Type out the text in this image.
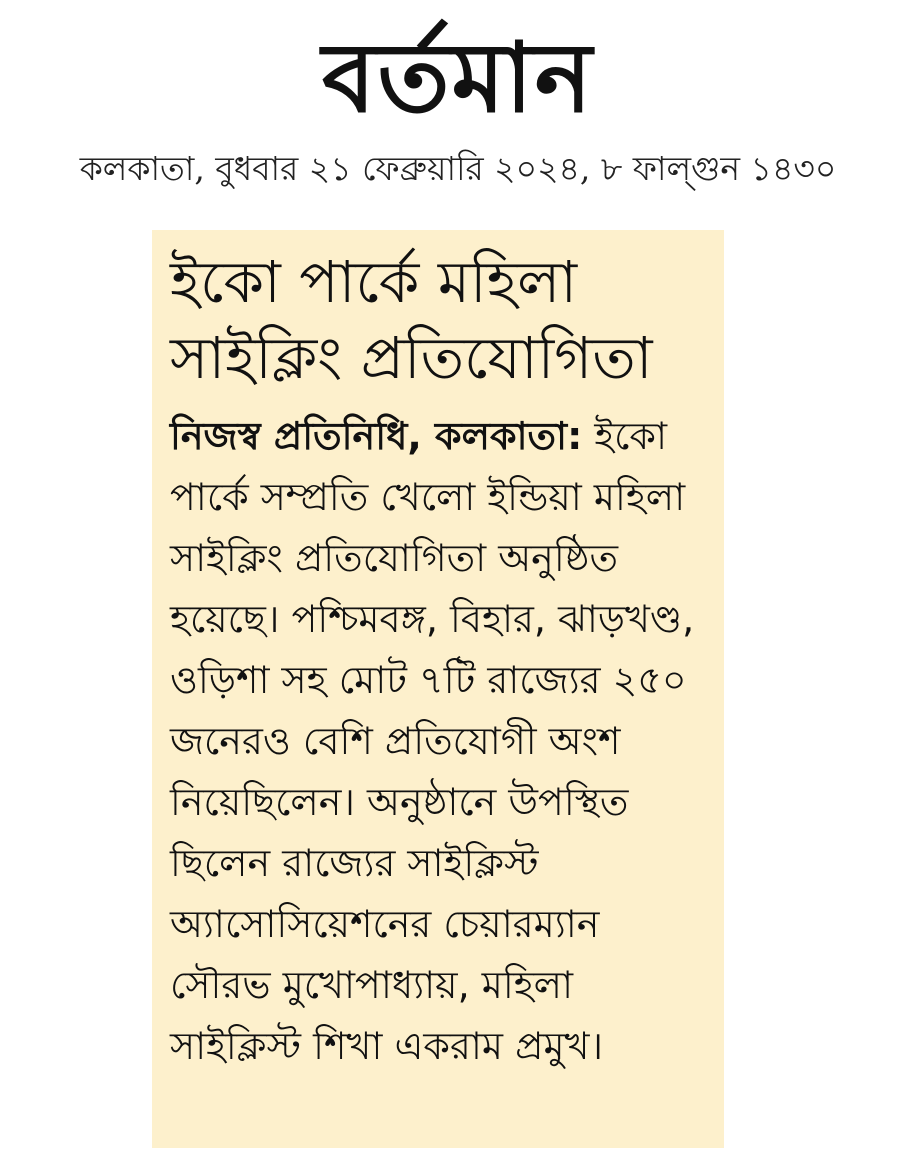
বর্তমান
কলকাতা, বুধবার ২১ ফেব্রুয়ারি ২০২৪, ৮ ফাল্গুন ১৪৩০
ইকো পার্কে মহিলা
সাইক্লিং প্রতিযোগিতা

নিজস্ব প্রতিনিধি, কলকাতা: ইকো পার্কে সম্প্রতি খেলো ইন্ডিয়া মহিলা সাইক্লিং প্রতিযোগিতা অনুষ্ঠিত হয়েছে। পশ্চিমবঙ্গ, বিহার, ঝাড়খণ্ড, ওড়িশা সহ মোট ৭টি রাজ্যের ২৫০ জনেরও বেশি প্রতিযোগী অংশ নিয়েছিলেন। অনুষ্ঠানে উপস্থিত ছিলেন রাজ্যের সাইক্লিস্ট অ্যাসোসিয়েশনের চেয়ারম্যান সৌরভ মুখোপাধ্যায়, মহিলা সাইক্লিস্ট শিখা একরাম প্রমুখ।
